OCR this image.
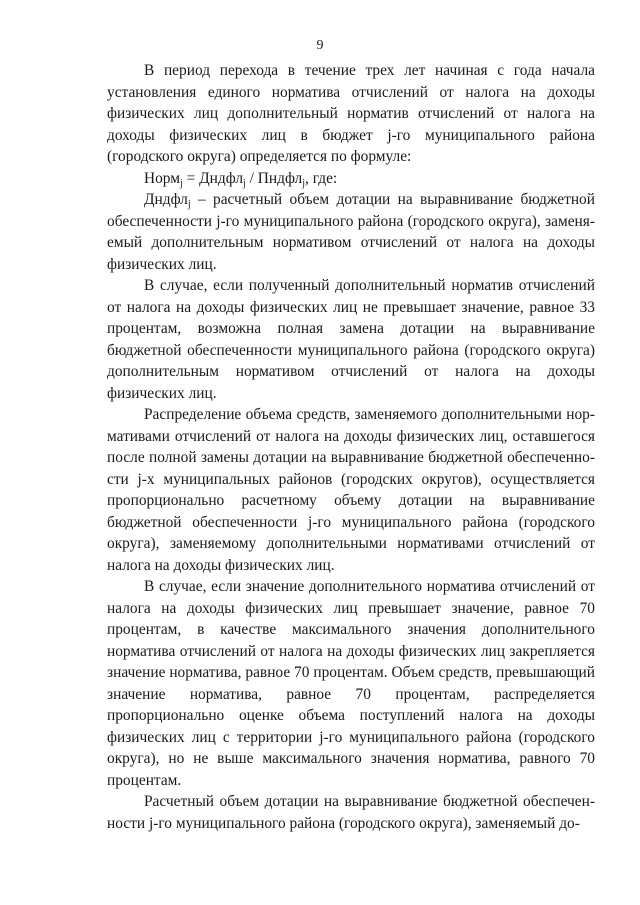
9

В период перехода в течение трех лет начиная с года начала установления единого норматива отчислений от налога на доходы физических лиц дополнительный норматив отчислений от налога на доходы физических лиц в бюджет j-го муниципального района (городского округа) определяется по формуле:

Норм$_j$ = Дндфл$_j$ / Пндфл$_j$, где:

Дндфл$_j$ – расчетный объем дотации на выравнивание бюджетной обеспеченности j-го муниципального района (городского округа), заменяемый дополнительным нормативом отчислений от налога на доходы физических лиц.

В случае, если полученный дополнительный норматив отчислений от налога на доходы физических лиц не превышает значение, равное 33 процентам, возможна полная замена дотации на выравнивание бюджетной обеспеченности муниципального района (городского округа) дополнительным нормативом отчислений от налога на доходы физических лиц.

Распределение объема средств, заменяемого дополнительными нормативами отчислений от налога на доходы физических лиц, оставшегося после полной замены дотации на выравнивание бюджетной обеспеченности j-х муниципальных районов (городских округов), осуществляется пропорционально расчетному объему дотации на выравнивание бюджетной обеспеченности j-го муниципального района (городского округа), заменяемому дополнительными нормативами отчислений от налога на доходы физических лиц.

В случае, если значение дополнительного норматива отчислений от налога на доходы физических лиц превышает значение, равное 70 процентам, в качестве максимального значения дополнительного норматива отчислений от налога на доходы физических лиц закрепляется значение норматива, равное 70 процентам. Объем средств, превышающий значение норматива, равное 70 процентам, распределяется пропорционально оценке объема поступлений налога на доходы физических лиц с территории j-го муниципального района (городского округа), но не выше максимального значения норматива, равного 70 процентам.

Расчетный объем дотации на выравнивание бюджетной обеспеченности j-го муниципального района (городского округа), заменяемый до-
